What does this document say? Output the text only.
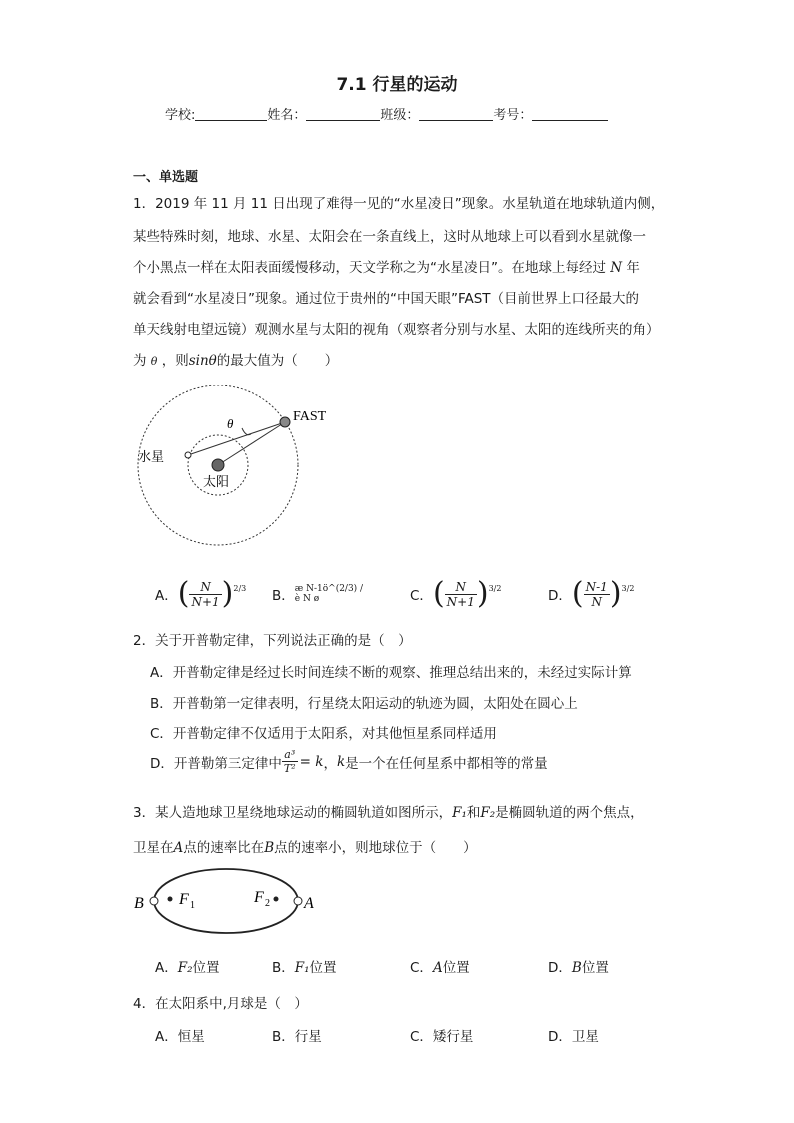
7.1 行星的运动
学校:	姓名：	班级：	考号：
一、单选题
1．2019 年 11 月 11 日出现了难得一见的“水星凌日”现象。水星轨道在地球轨道内侧，
某些特殊时刻，地球、水星、太阳会在一条直线上，这时从地球上可以看到水星就像一
个小黑点一样在太阳表面缓慢移动，天文学称之为“水星凌日”。在地球上每经过 N 年
就会看到“水星凌日”现象。通过位于贵州的“中国天眼”FAST（目前世界上口径最大的
单天线射电望远镜）观测水星与太阳的视角（观察者分别与水星、太阳的连线所夹的角）
为 θ ，则sinθ的最大值为（　　）
FAST
θ
水星
太阳
A． ( $\frac{N}{N+1}$ ) 2/3 B． æ N-1ö^(2/3) / è N ø	C． ( $\frac{N}{N+1}$ ) 3/2	D． ( $\frac{N-1}{N}$ ) 3/2
2．关于开普勒定律，下列说法正确的是（　）
A．开普勒定律是经过长时间连续不断的观察、推理总结出来的，未经过实际计算
B．开普勒第一定律表明，行星绕太阳运动的轨迹为圆，太阳处在圆心上
C．开普勒定律不仅适用于太阳系，对其他恒星系同样适用
D．开普勒第三定律中 $\frac{\text{a³}}{\text{T²}} = k$ ， k 是一个在任何星系中都相等的常量
3．某人造地球卫星绕地球运动的椭圆轨道如图所示，F₁和F₂是椭圆轨道的两个焦点，
卫星在A点的速率比在B点的速率小，则地球位于（　　）
B	A
F 1	F 2
A．F₂位置	B．F₁位置	C．A位置	D．B位置
4．在太阳系中,月球是（　）
A．恒星	B．行星	C．矮行星	D．卫星
